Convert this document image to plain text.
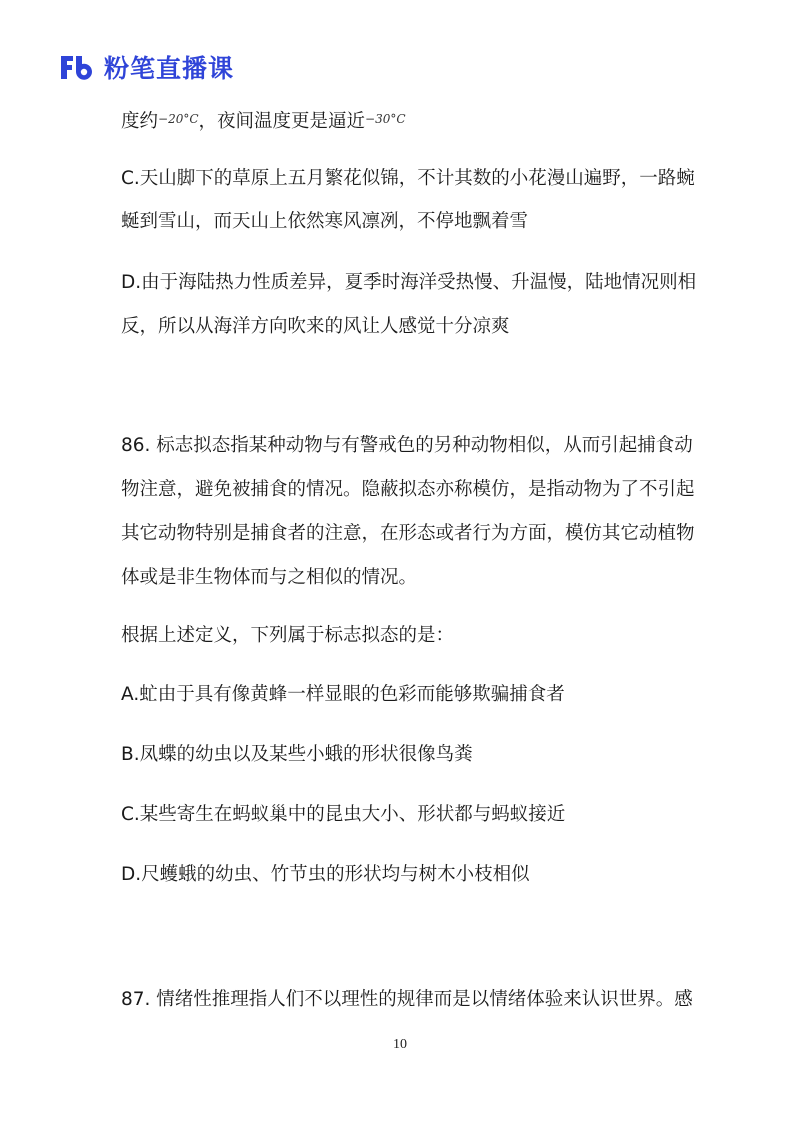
粉笔直播课
度约$^{-20^\circ C}$，夜间温度更是逼近$^{-30^\circ C}$
C.天山脚下的草原上五月繁花似锦，不计其数的小花漫山遍野，一路蜿
蜒到雪山，而天山上依然寒风凛冽，不停地飘着雪
D.由于海陆热力性质差异，夏季时海洋受热慢、升温慢，陆地情况则相
反，所以从海洋方向吹来的风让人感觉十分凉爽
86. 标志拟态指某种动物与有警戒色的另种动物相似，从而引起捕食动
物注意，避免被捕食的情况。隐蔽拟态亦称模仿，是指动物为了不引起
其它动物特别是捕食者的注意，在形态或者行为方面，模仿其它动植物
体或是非生物体而与之相似的情况。
根据上述定义，下列属于标志拟态的是：
A.虻由于具有像黄蜂一样显眼的色彩而能够欺骗捕食者
B.凤蝶的幼虫以及某些小蛾的形状很像鸟粪
C.某些寄生在蚂蚁巢中的昆虫大小、形状都与蚂蚁接近
D.尺蠖蛾的幼虫、竹节虫的形状均与树木小枝相似
87. 情绪性推理指人们不以理性的规律而是以情绪体验来认识世界。感
10
